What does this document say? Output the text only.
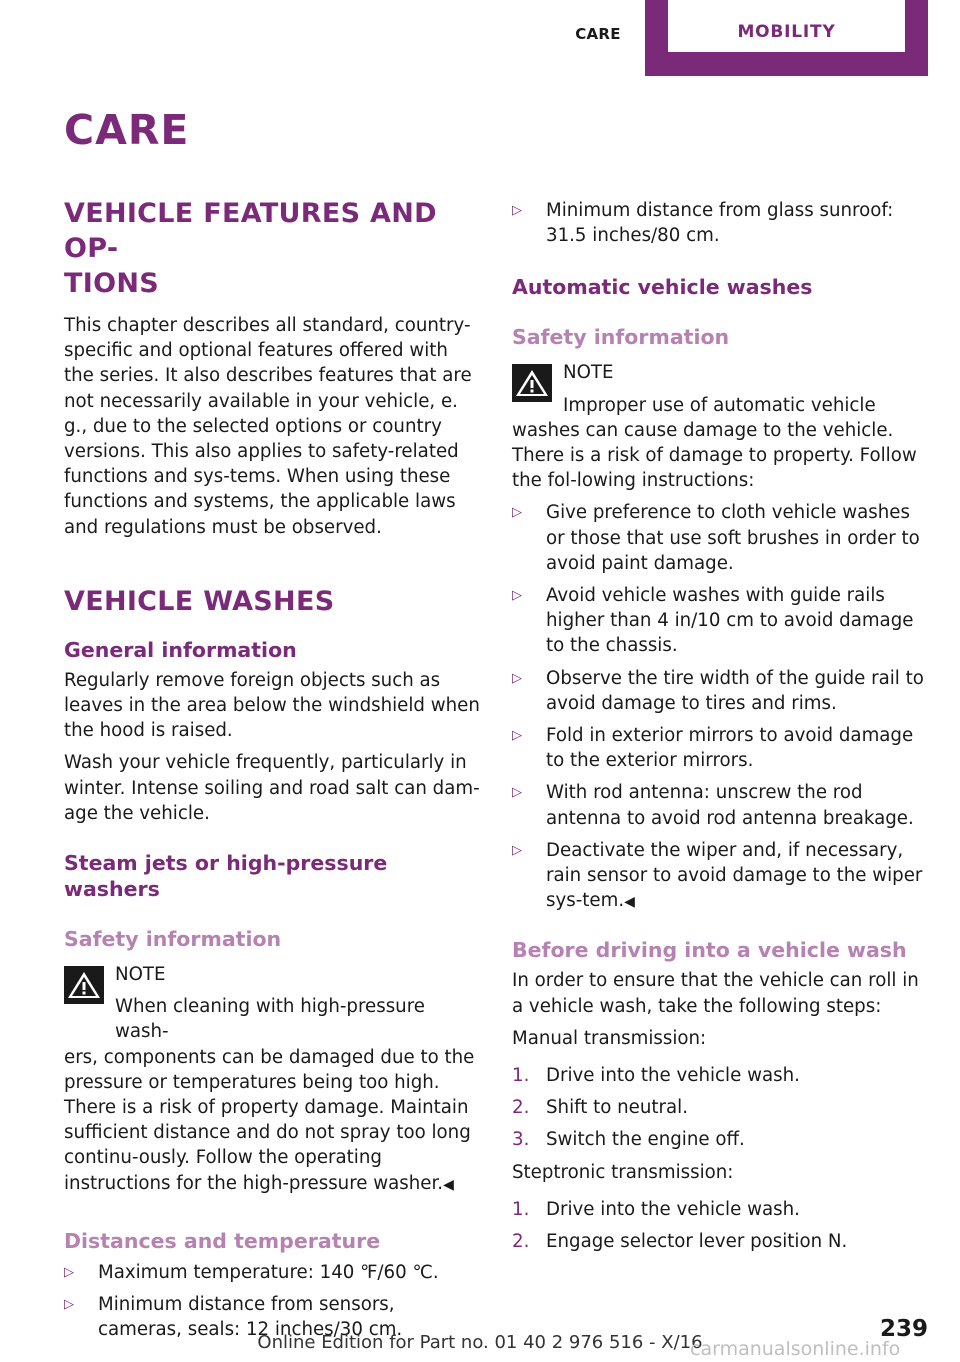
CARE	MOBILITY
CARE
VEHICLE FEATURES AND OP-
TIONS

This chapter describes all standard, country-specific and optional features offered with the series. It also describes features that are not necessarily available in your vehicle, e. g., due to the selected options or country versions. This also applies to safety-related functions and sys-tems. When using these functions and systems, the applicable laws and regulations must be observed.

VEHICLE WASHES
General information

Regularly remove foreign objects such as leaves in the area below the windshield when the hood is raised.

Wash your vehicle frequently, particularly in winter. Intense soiling and road salt can dam-age the vehicle.

Steam jets or high-pressure washers
Safety information
NOTE
When cleaning with high-pressure wash-

ers, components can be damaged due to the pressure or temperatures being too high. There is a risk of property damage. Maintain sufficient distance and do not spray too long continu-ously. Follow the operating instructions for the high-pressure washer.◀

Distances and temperature
▷ Maximum temperature: 140 ℉/60 ℃.
▷ Minimum distance from sensors, cameras, seals: 12 inches/30 cm.
▷ Minimum distance from glass sunroof: 31.5 inches/80 cm.
Automatic vehicle washes
Safety information
NOTE
Improper use of automatic vehicle

washes can cause damage to the vehicle. There is a risk of damage to property. Follow the fol-lowing instructions:

▷ Give preference to cloth vehicle washes or those that use soft brushes in order to avoid paint damage.
▷ Avoid vehicle washes with guide rails higher than 4 in/10 cm to avoid damage to the chassis.
▷ Observe the tire width of the guide rail to avoid damage to tires and rims.
▷ Fold in exterior mirrors to avoid damage to the exterior mirrors.
▷ With rod antenna: unscrew the rod antenna to avoid rod antenna breakage.
▷ Deactivate the wiper and, if necessary, rain sensor to avoid damage to the wiper sys-tem.◀
Before driving into a vehicle wash

In order to ensure that the vehicle can roll in a vehicle wash, take the following steps:

Manual transmission:

1. Drive into the vehicle wash.
2. Shift to neutral.
3. Switch the engine off.

Steptronic transmission:

1. Drive into the vehicle wash.
2. Engage selector lever position N.
239
Online Edition for Part no. 01 40 2 976 516 - X/16
carmanualsonline.info
